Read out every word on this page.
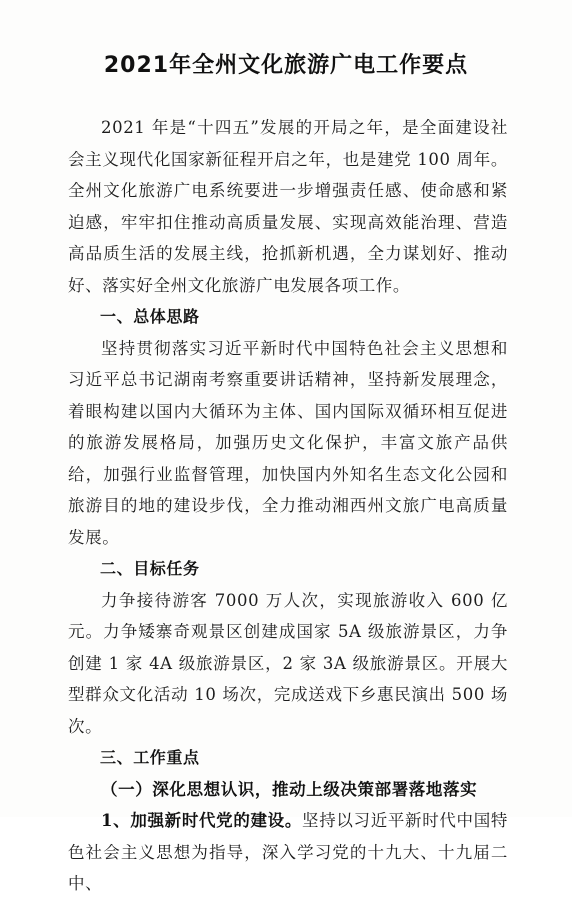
2021年全州文化旅游广电工作要点

2021 年是“十四五”发展的开局之年，是全面建设社会主义现代化国家新征程开启之年，也是建党 100 周年。全州文化旅游广电系统要进一步增强责任感、使命感和紧迫感，牢牢扣住推动高质量发展、实现高效能治理、营造高品质生活的发展主线，抢抓新机遇，全力谋划好、推动好、落实好全州文化旅游广电发展各项工作。

一、总体思路

坚持贯彻落实习近平新时代中国特色社会主义思想和习近平总书记湖南考察重要讲话精神，坚持新发展理念，着眼构建以国内大循环为主体、国内国际双循环相互促进的旅游发展格局，加强历史文化保护，丰富文旅产品供给，加强行业监督管理，加快国内外知名生态文化公园和旅游目的地的建设步伐，全力推动湘西州文旅广电高质量发展。

二、目标任务

力争接待游客 7000 万人次，实现旅游收入 600 亿元。力争矮寨奇观景区创建成国家 5A 级旅游景区，力争创建 1 家 4A 级旅游景区，2 家 3A 级旅游景区。开展大型群众文化活动 10 场次，完成送戏下乡惠民演出 500 场次。

三、工作重点

（一）深化思想认识，推动上级决策部署落地落实

1、加强新时代党的建设。坚持以习近平新时代中国特色社会主义思想为指导，深入学习党的十九大、十九届二中、
